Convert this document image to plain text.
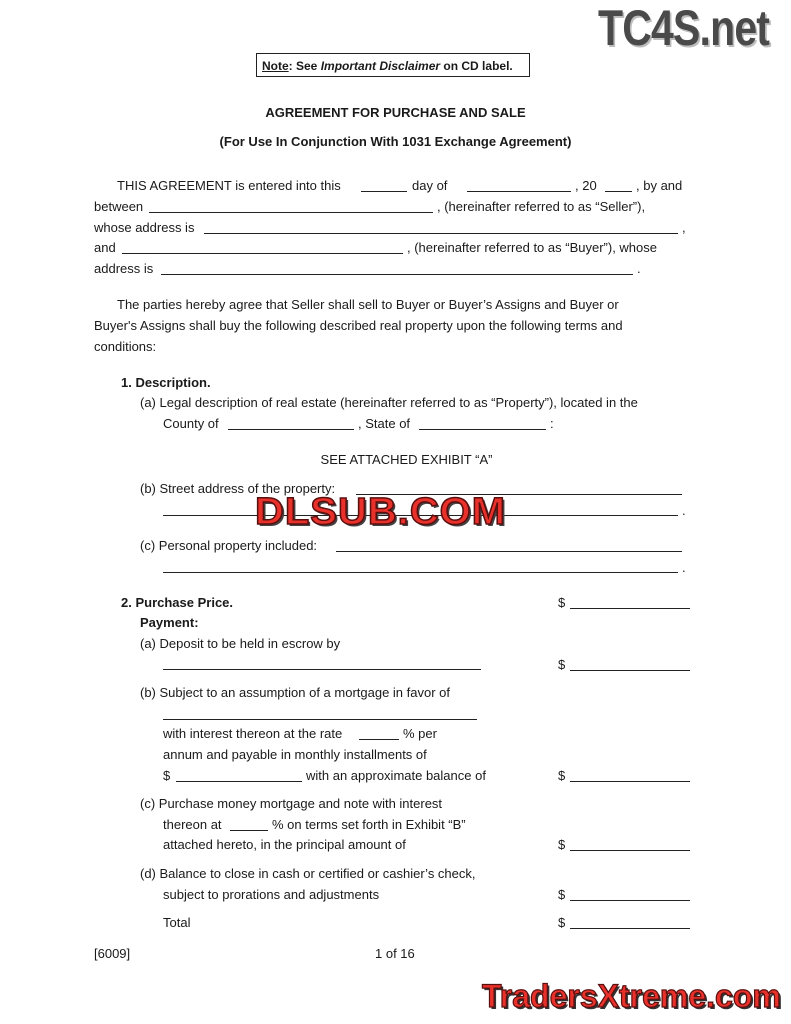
TC4S.net
Note: See Important Disclaimer on CD label.
AGREEMENT FOR PURCHASE AND SALE
(For Use In Conjunction With 1031 Exchange Agreement)
THIS AGREEMENT is entered into this	day of	, 20	, by and
between	, (hereinafter referred to as “Seller”),
whose address is	,
and	, (hereinafter referred to as “Buyer”), whose
address is	.
The parties hereby agree that Seller shall sell to Buyer or Buyer’s Assigns and Buyer or
Buyer's Assigns shall buy the following described real property upon the following terms and
conditions:
1. Description.
(a) Legal description of real estate (hereinafter referred to as “Property”), located in the
County of	, State of	:
SEE ATTACHED EXHIBIT “A”
(b) Street address of the property:
.
(c) Personal property included:
.
2. Purchase Price.	$
Payment:
(a) Deposit to be held in escrow by
$
(b) Subject to an assumption of a mortgage in favor of
with interest thereon at the rate	% per
annum and payable in monthly installments of
$	with an approximate balance of	$
(c) Purchase money mortgage and note with interest
thereon at	% on terms set forth in Exhibit “B”
attached hereto, in the principal amount of	$
(d) Balance to close in cash or certified or cashier’s check,
subject to prorations and adjustments	$
Total	$
[6009]	1 of 16
DLSUB.COM
TradersXtreme.com
